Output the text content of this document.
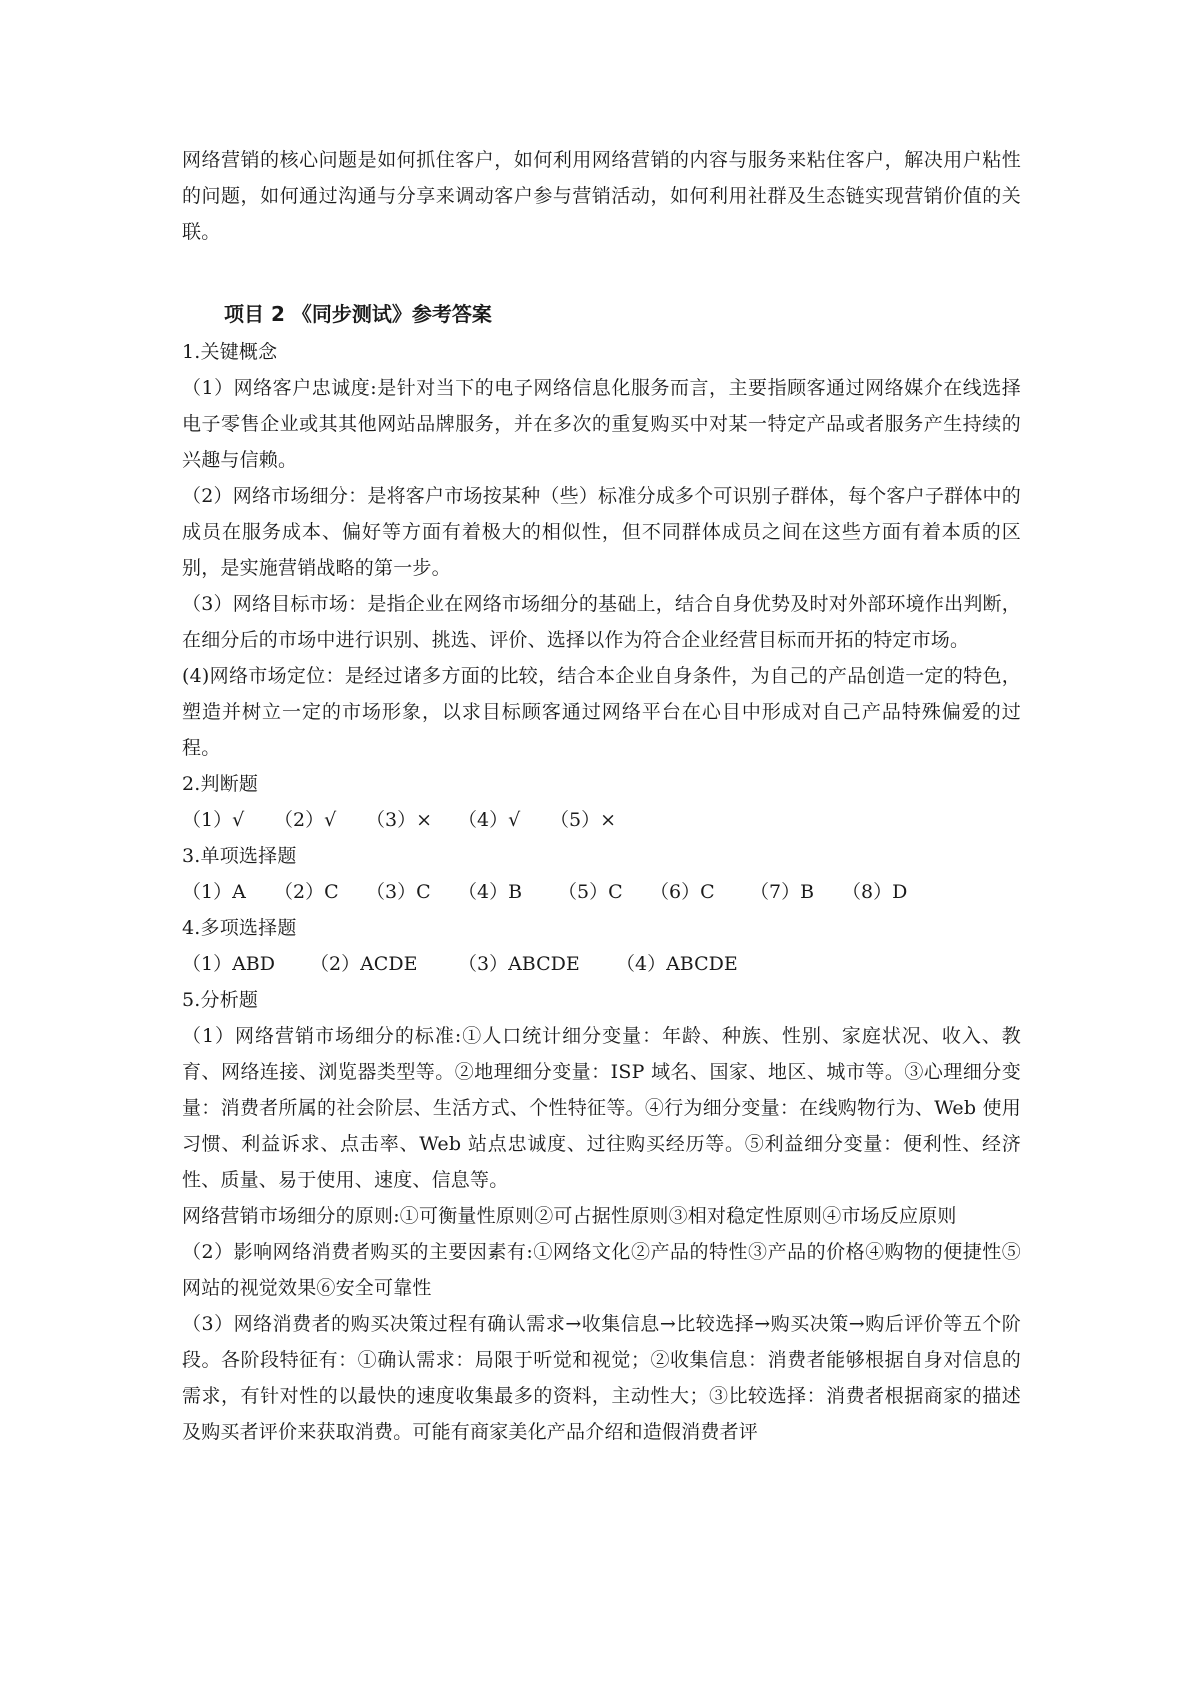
网络营销的核心问题是如何抓住客户，如何利用网络营销的内容与服务来粘住客户，解决用户粘性的问题，如何通过沟通与分享来调动客户参与营销活动，如何利用社群及生态链实现营销价值的关联。

项目 2 《同步测试》参考答案

1.关键概念

（1）网络客户忠诚度:是针对当下的电子网络信息化服务而言，主要指顾客通过网络媒介在线选择电子零售企业或其其他网站品牌服务，并在多次的重复购买中对某一特定产品或者服务产生持续的兴趣与信赖。

（2）网络市场细分：是将客户市场按某种（些）标准分成多个可识别子群体，每个客户子群体中的成员在服务成本、偏好等方面有着极大的相似性，但不同群体成员之间在这些方面有着本质的区别，是实施营销战略的第一步。

（3）网络目标市场：是指企业在网络市场细分的基础上，结合自身优势及时对外部环境作出判断，在细分后的市场中进行识别、挑选、评价、选择以作为符合企业经营目标而开拓的特定市场。

(4)网络市场定位：是经过诸多方面的比较，结合本企业自身条件，为自己的产品创造一定的特色，塑造并树立一定的市场形象，以求目标顾客通过网络平台在心目中形成对自己产品特殊偏爱的过程。

2.判断题

（1）√	（2）√	（3）×	（4）√	（5）×

3.单项选择题

（1）A	（2）C	（3）C	（4）B	（5）C	（6）C	（7）B	（8）D

4.多项选择题

（1）ABD	（2）ACDE	（3）ABCDE	（4）ABCDE

5.分析题

（1）网络营销市场细分的标准:①人口统计细分变量：年龄、种族、性别、家庭状况、收入、教育、网络连接、浏览器类型等。②地理细分变量：ISP 域名、国家、地区、城市等。③心理细分变量：消费者所属的社会阶层、生活方式、个性特征等。④行为细分变量：在线购物行为、Web 使用习惯、利益诉求、点击率、Web 站点忠诚度、过往购买经历等。⑤利益细分变量：便利性、经济性、质量、易于使用、速度、信息等。

网络营销市场细分的原则:①可衡量性原则②可占据性原则③相对稳定性原则④市场反应原则

（2）影响网络消费者购买的主要因素有:①网络文化②产品的特性③产品的价格④购物的便捷性⑤网站的视觉效果⑥安全可靠性

（3）网络消费者的购买决策过程有确认需求→收集信息→比较选择→购买决策→购后评价等五个阶段。各阶段特征有：①确认需求：局限于听觉和视觉；②收集信息：消费者能够根据自身对信息的需求，有针对性的以最快的速度收集最多的资料，主动性大；③比较选择：消费者根据商家的描述及购买者评价来获取消费。可能有商家美化产品介绍和造假消费者评
